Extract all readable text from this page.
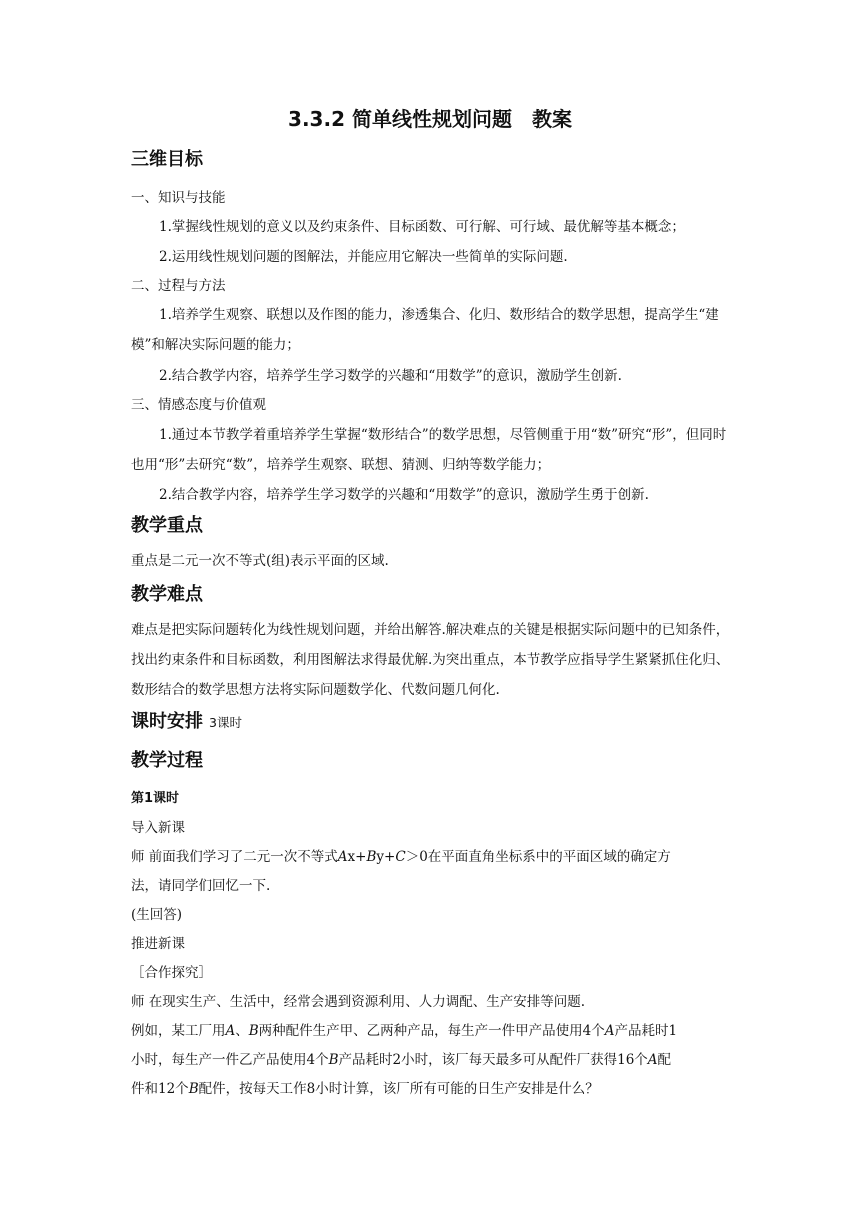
3.3.2 简单线性规划问题　教案
三维目标
一、知识与技能
1.掌握线性规划的意义以及约束条件、目标函数、可行解、可行域、最优解等基本概念；
2.运用线性规划问题的图解法，并能应用它解决一些简单的实际问题.
二、过程与方法
1.培养学生观察、联想以及作图的能力，渗透集合、化归、数形结合的数学思想，提高学生“建模”和解决实际问题的能力；
2.结合教学内容，培养学生学习数学的兴趣和“用数学”的意识，激励学生创新.
三、情感态度与价值观
1.通过本节教学着重培养学生掌握“数形结合”的数学思想，尽管侧重于用“数”研究“形”，但同时也用“形”去研究“数”，培养学生观察、联想、猜测、归纳等数学能力；
2.结合教学内容，培养学生学习数学的兴趣和“用数学”的意识，激励学生勇于创新.
教学重点
重点是二元一次不等式(组)表示平面的区域.
教学难点
难点是把实际问题转化为线性规划问题，并给出解答.解决难点的关键是根据实际问题中的已知条件，找出约束条件和目标函数，利用图解法求得最优解.为突出重点，本节教学应指导学生紧紧抓住化归、数形结合的数学思想方法将实际问题数学化、代数问题几何化.
课时安排 3课时
教学过程
第1课时
导入新课
师 前面我们学习了二元一次不等式Ax+By+C＞0在平面直角坐标系中的平面区域的确定方
法，请同学们回忆一下.
(生回答)
推进新课
［合作探究］
师 在现实生产、生活中，经常会遇到资源利用、人力调配、生产安排等问题.
例如，某工厂用A、B两种配件生产甲、乙两种产品，每生产一件甲产品使用4个A产品耗时1
小时，每生产一件乙产品使用4个B产品耗时2小时，该厂每天最多可从配件厂获得16个A配
件和12个B配件，按每天工作8小时计算，该厂所有可能的日生产安排是什么？
